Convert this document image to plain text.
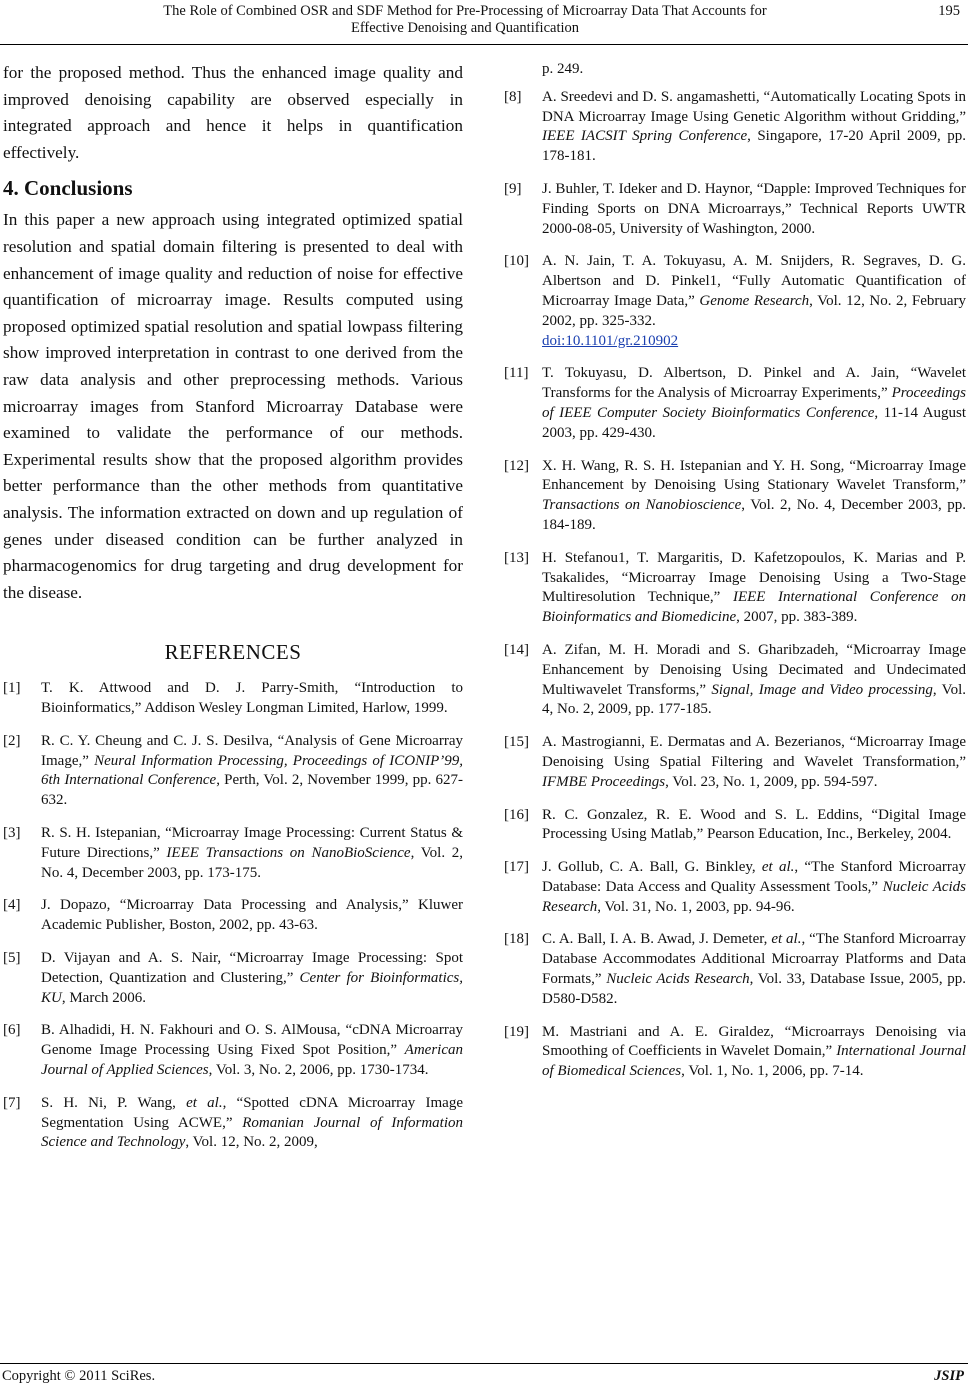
The Role of Combined OSR and SDF Method for Pre-Processing of Microarray Data That Accounts for
Effective Denoising and Quantification
195

for the proposed method. Thus the enhanced image quality and improved denoising capability are observed especially in integrated approach and hence it helps in quantification effectively.

4. Conclusions

In this paper a new approach using integrated optimized spatial resolution and spatial domain filtering is presented to deal with enhancement of image quality and reduction of noise for effective quantification of microarray image. Results computed using proposed optimized spatial resolution and spatial lowpass filtering show improved interpretation in contrast to one derived from the raw data analysis and other preprocessing methods. Various microarray images from Stanford Microarray Database were examined to validate the performance of our methods. Experimental results show that the proposed algorithm provides better performance than the other methods from quantitative analysis. The information extracted on down and up regulation of genes under diseased condition can be further analyzed in pharmacogenomics for drug targeting and drug development for the disease.

REFERENCES
[1] T. K. Attwood and D. J. Parry-Smith, “Introduction to Bioinformatics,” Addison Wesley Longman Limited, Harlow, 1999.
[2] R. C. Y. Cheung and C. J. S. Desilva, “Analysis of Gene Microarray Image,” Neural Information Processing, Proceedings of ICONIP’99, 6th International Conference, Perth, Vol. 2, November 1999, pp. 627-632.
[3] R. S. H. Istepanian, “Microarray Image Processing: Current Status & Future Directions,” IEEE Transactions on NanoBioScience, Vol. 2, No. 4, December 2003, pp. 173-175.
[4] J. Dopazo, “Microarray Data Processing and Analysis,” Kluwer Academic Publisher, Boston, 2002, pp. 43-63.
[5] D. Vijayan and A. S. Nair, “Microarray Image Processing: Spot Detection, Quantization and Clustering,” Center for Bioinformatics, KU, March 2006.
[6] B. Alhadidi, H. N. Fakhouri and O. S. AlMousa, “cDNA Microarray Genome Image Processing Using Fixed Spot Position,” American Journal of Applied Sciences, Vol. 3, No. 2, 2006, pp. 1730-1734.
[7] S. H. Ni, P. Wang, et al., “Spotted cDNA Microarray Image Segmentation Using ACWE,” Romanian Journal of Information Science and Technology, Vol. 12, No. 2, 2009,
p. 249.
[8] A. Sreedevi and D. S. angamashetti, “Automatically Locating Spots in DNA Microarray Image Using Genetic Algorithm without Gridding,” IEEE IACSIT Spring Conference, Singapore, 17-20 April 2009, pp. 178-181.
[9] J. Buhler, T. Ideker and D. Haynor, “Dapple: Improved Techniques for Finding Sports on DNA Microarrays,” Technical Reports UWTR 2000-08-05, University of Washington, 2000.
[10] A. N. Jain, T. A. Tokuyasu, A. M. Snijders, R. Segraves, D. G. Albertson and D. Pinkel1, “Fully Automatic Quantification of Microarray Image Data,” Genome Research, Vol. 12, No. 2, February 2002, pp. 325-332.
doi:10.1101/gr.210902
[11] T. Tokuyasu, D. Albertson, D. Pinkel and A. Jain, “Wavelet Transforms for the Analysis of Microarray Experiments,” Proceedings of IEEE Computer Society Bioinformatics Conference, 11-14 August 2003, pp. 429-430.
[12] X. H. Wang, R. S. H. Istepanian and Y. H. Song, “Microarray Image Enhancement by Denoising Using Stationary Wavelet Transform,” Transactions on Nanobioscience, Vol. 2, No. 4, December 2003, pp. 184-189.
[13] H. Stefanou1, T. Margaritis, D. Kafetzopoulos, K. Marias and P. Tsakalides, “Microarray Image Denoising Using a Two-Stage Multiresolution Technique,” IEEE International Conference on Bioinformatics and Biomedicine, 2007, pp. 383-389.
[14] A. Zifan, M. H. Moradi and S. Gharibzadeh, “Microarray Image Enhancement by Denoising Using Decimated and Undecimated Multiwavelet Transforms,” Signal, Image and Video processing, Vol. 4, No. 2, 2009, pp. 177-185.
[15] A. Mastrogianni, E. Dermatas and A. Bezerianos, “Microarray Image Denoising Using Spatial Filtering and Wavelet Transformation,” IFMBE Proceedings, Vol. 23, No. 1, 2009, pp. 594-597.
[16] R. C. Gonzalez, R. E. Wood and S. L. Eddins, “Digital Image Processing Using Matlab,” Pearson Education, Inc., Berkeley, 2004.
[17] J. Gollub, C. A. Ball, G. Binkley, et al., “The Stanford Microarray Database: Data Access and Quality Assessment Tools,” Nucleic Acids Research, Vol. 31, No. 1, 2003, pp. 94-96.
[18] C. A. Ball, I. A. B. Awad, J. Demeter, et al., “The Stanford Microarray Database Accommodates Additional Microarray Platforms and Data Formats,” Nucleic Acids Research, Vol. 33, Database Issue, 2005, pp. D580-D582.
[19] M. Mastriani and A. E. Giraldez, “Microarrays Denoising via Smoothing of Coefficients in Wavelet Domain,” International Journal of Biomedical Sciences, Vol. 1, No. 1, 2006, pp. 7-14.
Copyright © 2011 SciRes.	JSIP
